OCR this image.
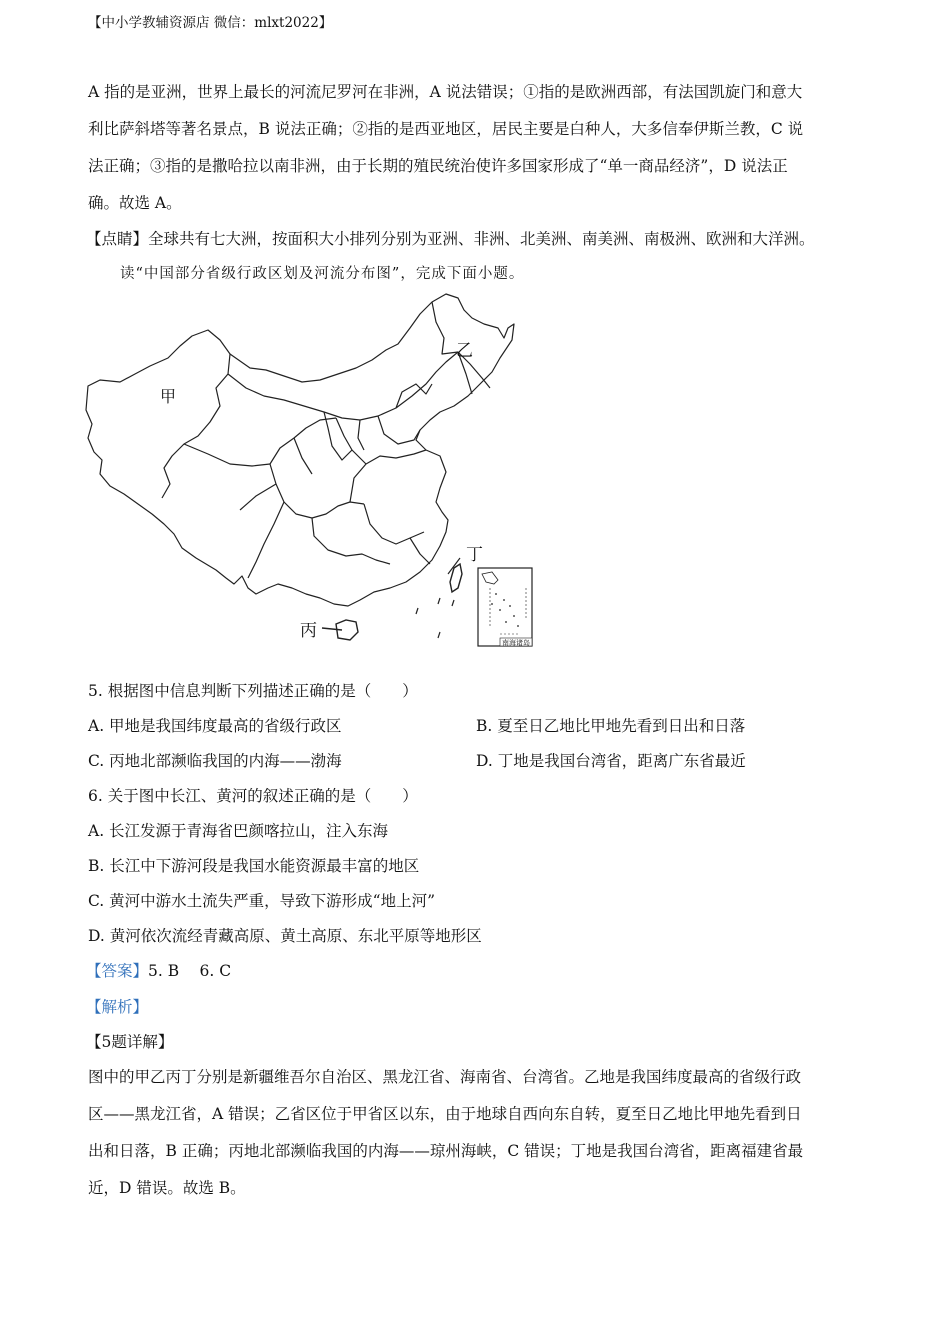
【中小学教辅资源店 微信：mlxt2022】
A 指的是亚洲，世界上最长的河流尼罗河在非洲，A 说法错误；①指的是欧洲西部，有法国凯旋门和意大
利比萨斜塔等著名景点，B 说法正确；②指的是西亚地区，居民主要是白种人，大多信奉伊斯兰教，C 说
法正确；③指的是撒哈拉以南非洲，由于长期的殖民统治使许多国家形成了“单一商品经济”，D 说法正
确。故选 A。
【点睛】全球共有七大洲，按面积大小排列分别为亚洲、非洲、北美洲、南美洲、南极洲、欧洲和大洋洲。
读“中国部分省级行政区划及河流分布图”，完成下面小题。
南海诸岛
甲
乙
丙
丁
5. 根据图中信息判断下列描述正确的是（　　）
A. 甲地是我国纬度最高的省级行政区	B. 夏至日乙地比甲地先看到日出和日落
C. 丙地北部濒临我国的内海——渤海	D. 丁地是我国台湾省，距离广东省最近
6. 关于图中长江、黄河的叙述正确的是（　　）
A. 长江发源于青海省巴颜喀拉山，注入东海
B. 长江中下游河段是我国水能资源最丰富的地区
C. 黄河中游水土流失严重，导致下游形成“地上河”
D. 黄河依次流经青藏高原、黄土高原、东北平原等地形区
【答案】5. B　 6. C
【解析】
【5题详解】
图中的甲乙丙丁分别是新疆维吾尔自治区、黑龙江省、海南省、台湾省。乙地是我国纬度最高的省级行政
区——黑龙江省，A 错误；乙省区位于甲省区以东，由于地球自西向东自转，夏至日乙地比甲地先看到日
出和日落，B 正确；丙地北部濒临我国的内海——琼州海峡，C 错误；丁地是我国台湾省，距离福建省最
近，D 错误。故选 B。
